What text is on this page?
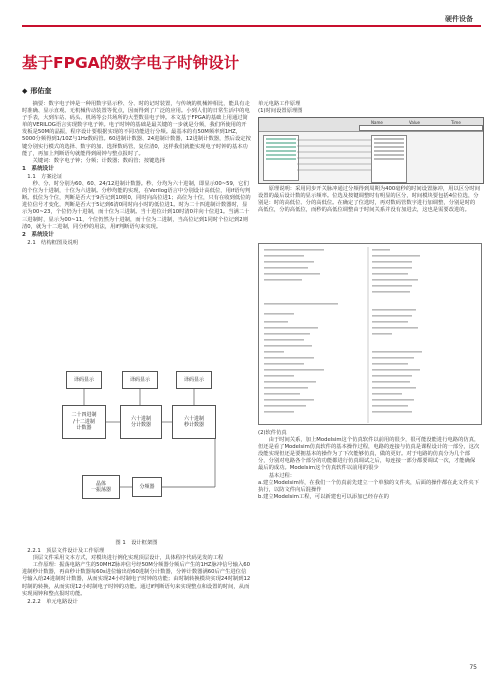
硬件设备
基于FPGA的数字电子时钟设计
◆ 邢佑奎

摘要：数字电子钟是一种用数字显示秒、分、时的记时装置，与传统的机械钟相比，能具有走时准确、显示直观、无机械传动装置等优点，因而得到了广泛的应用。小到人们的日常生活中的电子手表，大到车站、码头、机场等公共场所的大型数显电子钟。本文基于FPGA的基础上用通过简单的VERILOG语言实现数字电子钟。电子时钟的基础是最关键的一步就是分频，我们所使用的开发板是50M的晶振，程序设计要根据实现的不同功能进行分频。最基本的有50M频率到1HZ，5000分频得到1/10Z与1Hz数码管。60进制计数器、24进制计数器，12进制计数器，然后设定按键分别实行模式的选择、数字的加、选择数码管，复位清0，这样我们就能实现电子时钟的基本功能了，再加上判断语句就能得到闹钟与整点报时了。

关键词：数字电子钟；分频；计数器；数码管；按键选择

1　系统设计
1.1　方案论证

秒、分、时分别为60、60、24/12进制计数器。秒、分均为六十进制，即显示00~59，它们的个位为十进制，十位为六进制。分秒均能的实现，在Verilog语言中分别设计高低位，用if语句判断。低位为个位，判断是否大于9否记到10则0，同时向高位进1；高位为十位，只有在收到低位的进位信号才变化，判断是否大于5记到6清0同时向小时的低位进1。时为二十四进制计数器时，显示为00~23，个位仍为十进制，而十位为三进制。当十进位计到10时清0并向十位进1。当满二十三进制时，显示为00~11，个位仍然为十进制，而十位为二进制，当高位记到1同时个位记到2则清0，就为十二进制，同分秒的用法，用if判断语句来实现。

2　系统设计
2.1　结构框图及说明
译码显示	译码显示	译码显示
二十四进制
/十二进制
计数器
六十进制
分计数器
六十进制
秒计数器
晶体
一振荡器
分频器

图 1　设计框架图

2.2.1　顶层文件设计及工作原理

顶层文件采用文本方式，对模块进行例化实现顶层设计，具体程序代码见发的工程

工作原理：振荡电路产生的50MHZ脉冲信号经50M分频器分频后产生的1HZ脉冲信号输入60进制秒计数器，再由秒计数器每60s进位输出给60进制分计数器，分钟计数器满60后产生进位信号输入给24进制时计数器，从而实现24小时制电子时钟的功能；由时制转换模块实现24时制到12时制的转换，从而实现12小时制电子时钟的功能。通过if判断语句来实现整点和设置的时间，从而实现闹钟和整点报时功能。

2.2.2　单元电路设计

单元电路工作原理

(1)时间设置原理图

Name	Value	Time

原理说明：采用同步开关脉冲通过分频得到周期为400毫秒的时间设置脉冲，用以区分时间设置的最后设计数的显示频率。位选及按键调整时有明显的区分，时间模块要包括4位位选，分别是：时的高低位、分的高低位。在确定了位选时，再对数码管数字进行加调整，分别是时的高低位，分的高低位，而秒的高低位调整由于时间关系并没有加进去，这也是需要改进的。

(2)软件仿真

由于时间关系，加上Modelsim这个仿真软件以前用的很少，很可能没能进行电路的仿真，但还是看了Modelsim仿真软件的基本操作过程，电路的连接与仿真是课程设计的一部分，这次没能实现但还是要拥基本的操作为了下次能够仿真，做的更好。对于电路的仿真分为几个部分，分别对电路各个部分的功能都进行仿真调试之后，每连接一部分都要调试一次，才能确保最后的成功。Modelsim这个仿真软件以前用的很少

基本过程：

a.建立Modelsim库，在我们一个仿真前先建立一个单独的文件夹，后面的操作都在此文件夹下执行，以防文件向后混操作

b.建立Modelsim工程，可以新建也可以添加已经存在的

75
